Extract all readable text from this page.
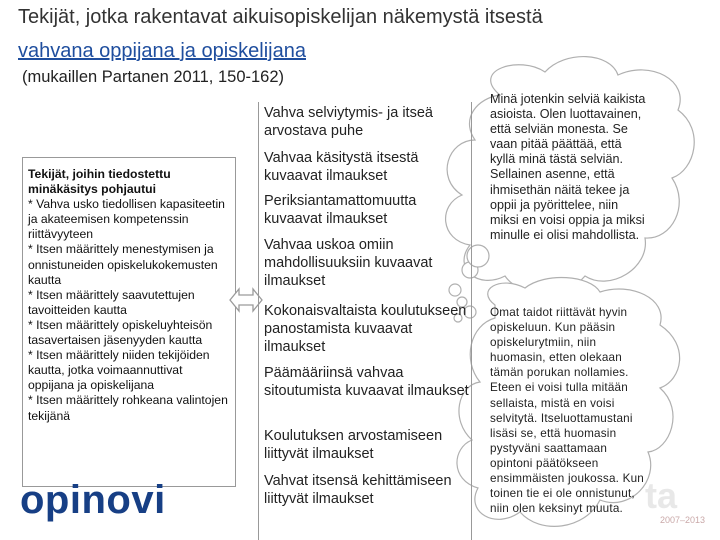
Tekijät, jotka rakentavat aikuisopiskelijan näkemystä itsestä
vahvana oppijana ja opiskelijana
(mukaillen Partanen 2011, 150-162)
Tekijät, joihin tiedostettu minäkäsitys pohjautui
* Vahva usko tiedollisen kapasiteetin ja akateemisen kompetenssin riittävyyteen
* Itsen määrittely menestymisen ja onnistuneiden opiskelukokemusten kautta
* Itsen määrittely saavutettujen tavoitteiden kautta
* Itsen määrittely opiskeluyhteisön tasavertaisen jäsenyyden kautta
* Itsen määrittely niiden tekijöiden kautta, jotka voimaannuttivat oppijana ja opiskelijana
* Itsen määrittely rohkeana valintojen tekijänä
Vahva selviytymis- ja itseä arvostava puhe
Vahvaa käsitystä itsestä kuvaavat ilmaukset
Periksiantamattomuutta kuvaavat ilmaukset
Vahvaa uskoa omiin mahdollisuuksiin kuvaavat ilmaukset
Kokonaisvaltaista koulutukseen panostamista kuvaavat ilmaukset
Päämääriinsä vahvaa sitoutumista kuvaavat ilmaukset
Koulutuksen arvostamiseen liittyvät ilmaukset
Vahvat itsensä kehittämiseen liittyvät ilmaukset
Minä jotenkin selviä kaikista asioista. Olen luottavainen, että selviän monesta. Se vaan pitää päättää, että kyllä minä tästä selviän. Sellainen asenne, että ihmisethän näitä tekee ja oppii ja pyörittelee, niin miksi en voisi oppia ja miksi minulle ei olisi mahdollista.
Omat taidot riittävät hyvin opiskeluun. Kun pääsin opiskelurytmiin, niin huomasin, etten olekaan tämän porukan nollamies. Eteen ei voisi tulla mitään sellaista, mistä en voisi selvitytä. Itseluottamustani lisäsi se, että huomasin pystyväni saattamaan opintoni päätökseen ensimmäisten joukossa. Kun toinen tie ei ole onnistunut, niin olen keksinyt muuta.
opinovi	ta
2007–2013
